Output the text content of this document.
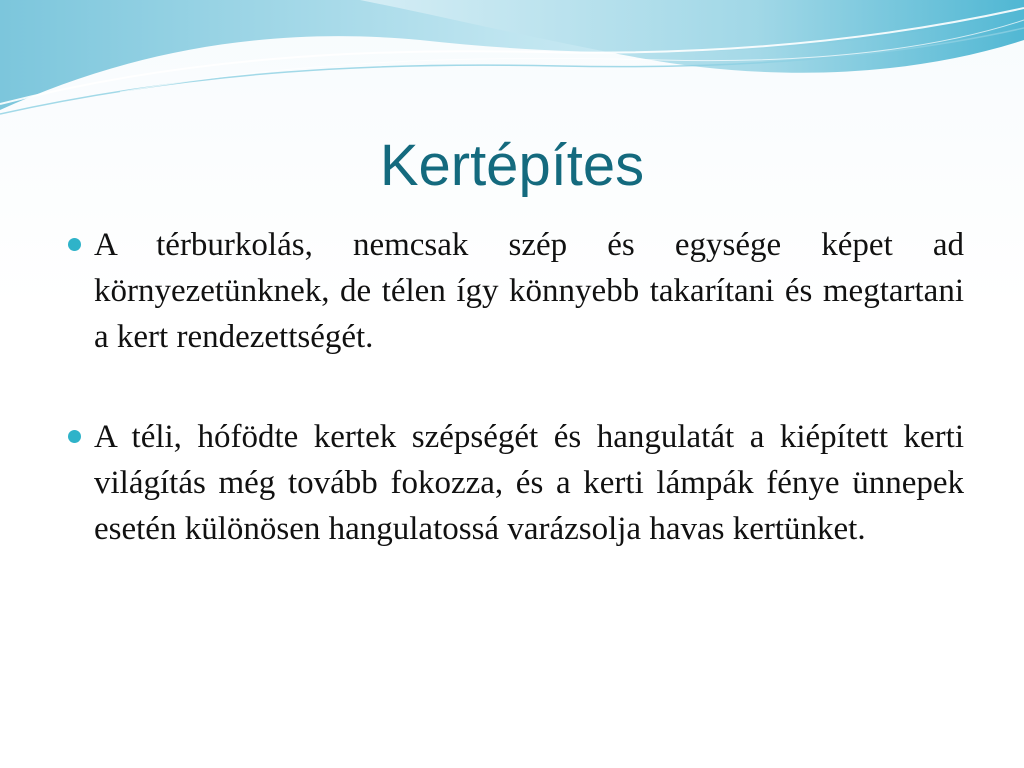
Kertépítes
A térburkolás, nemcsak szép és egysége képet ad környezetünknek, de télen így könnyebb takarítani és megtartani a kert rendezettségét.
A téli, hófödte kertek szépségét és hangulatát a kiépített kerti világítás még tovább fokozza, és a kerti lámpák fénye ünnepek esetén különösen hangulatossá varázsolja havas kertünket.
